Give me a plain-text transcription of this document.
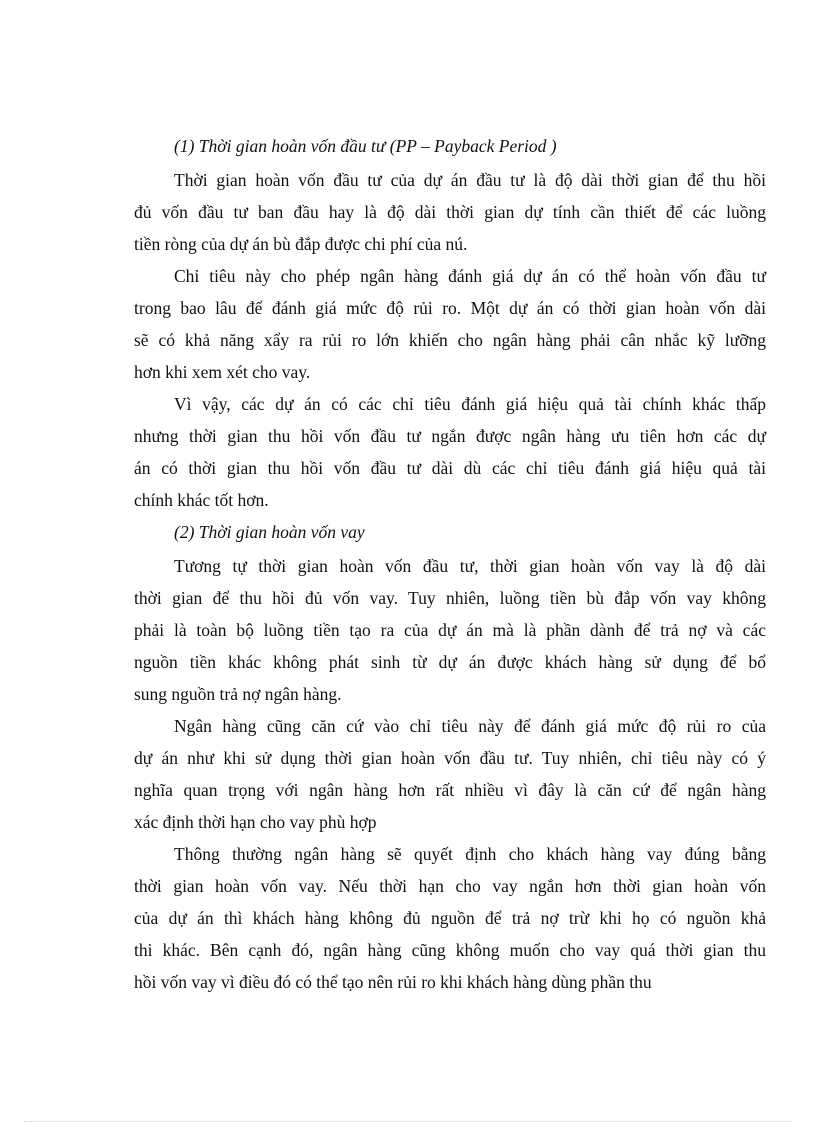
(1) Thời gian hoàn vốn đầu tư (PP – Payback Period )

Thời gian hoàn vốn đầu tư của dự án đầu tư là độ dài thời gian để thu hồi
đủ vốn đầu tư ban đầu hay là độ dài thời gian dự tính cần thiết để các luồng
tiền ròng của dự án bù đắp được chi phí của nú.
Chỉ tiêu này cho phép ngân hàng đánh giá dự án có thể hoàn vốn đầu tư
trong bao lâu để đánh giá mức độ rủi ro. Một dự án có thời gian hoàn vốn dài
sẽ có khả năng xẩy ra rủi ro lớn khiến cho ngân hàng phải cân nhắc kỹ lưỡng
hơn khi xem xét cho vay.
Vì vậy, các dự án có các chỉ tiêu đánh giá hiệu quả tài chính khác thấp
nhưng thời gian thu hồi vốn đầu tư ngắn được ngân hàng ưu tiên hơn các dự
án có thời gian thu hồi vốn đầu tư dài dù các chỉ tiêu đánh giá hiệu quả tài
chính khác tốt hơn.

(2) Thời gian hoàn vốn vay

Tương tự thời gian hoàn vốn đầu tư, thời gian hoàn vốn vay là độ dài
thời gian để thu hồi đủ vốn vay. Tuy nhiên, luồng tiền bù đắp vốn vay không
phải là toàn bộ luồng tiền tạo ra của dự án mà là phần dành để trả nợ và các
nguồn tiền khác không phát sinh từ dự án được khách hàng sử dụng để bổ
sung nguồn trả nợ ngân hàng.
Ngân hàng cũng căn cứ vào chỉ tiêu này để đánh giá mức độ rủi ro của
dự án như khi sử dụng thời gian hoàn vốn đầu tư. Tuy nhiên, chỉ tiêu này có ý
nghĩa quan trọng với ngân hàng hơn rất nhiều vì đây là căn cứ để ngân hàng
xác định thời hạn cho vay phù hợp
Thông thường ngân hàng sẽ quyết định cho khách hàng vay đúng bằng
thời gian hoàn vốn vay. Nếu thời hạn cho vay ngắn hơn thời gian hoàn vốn
của dự án thì khách hàng không đủ nguồn để trả nợ trừ khi họ có nguồn khả
thi khác. Bên cạnh đó, ngân hàng cũng không muốn cho vay quá thời gian thu
hồi vốn vay vì điều đó có thể tạo nên rủi ro khi khách hàng dùng phần thu
